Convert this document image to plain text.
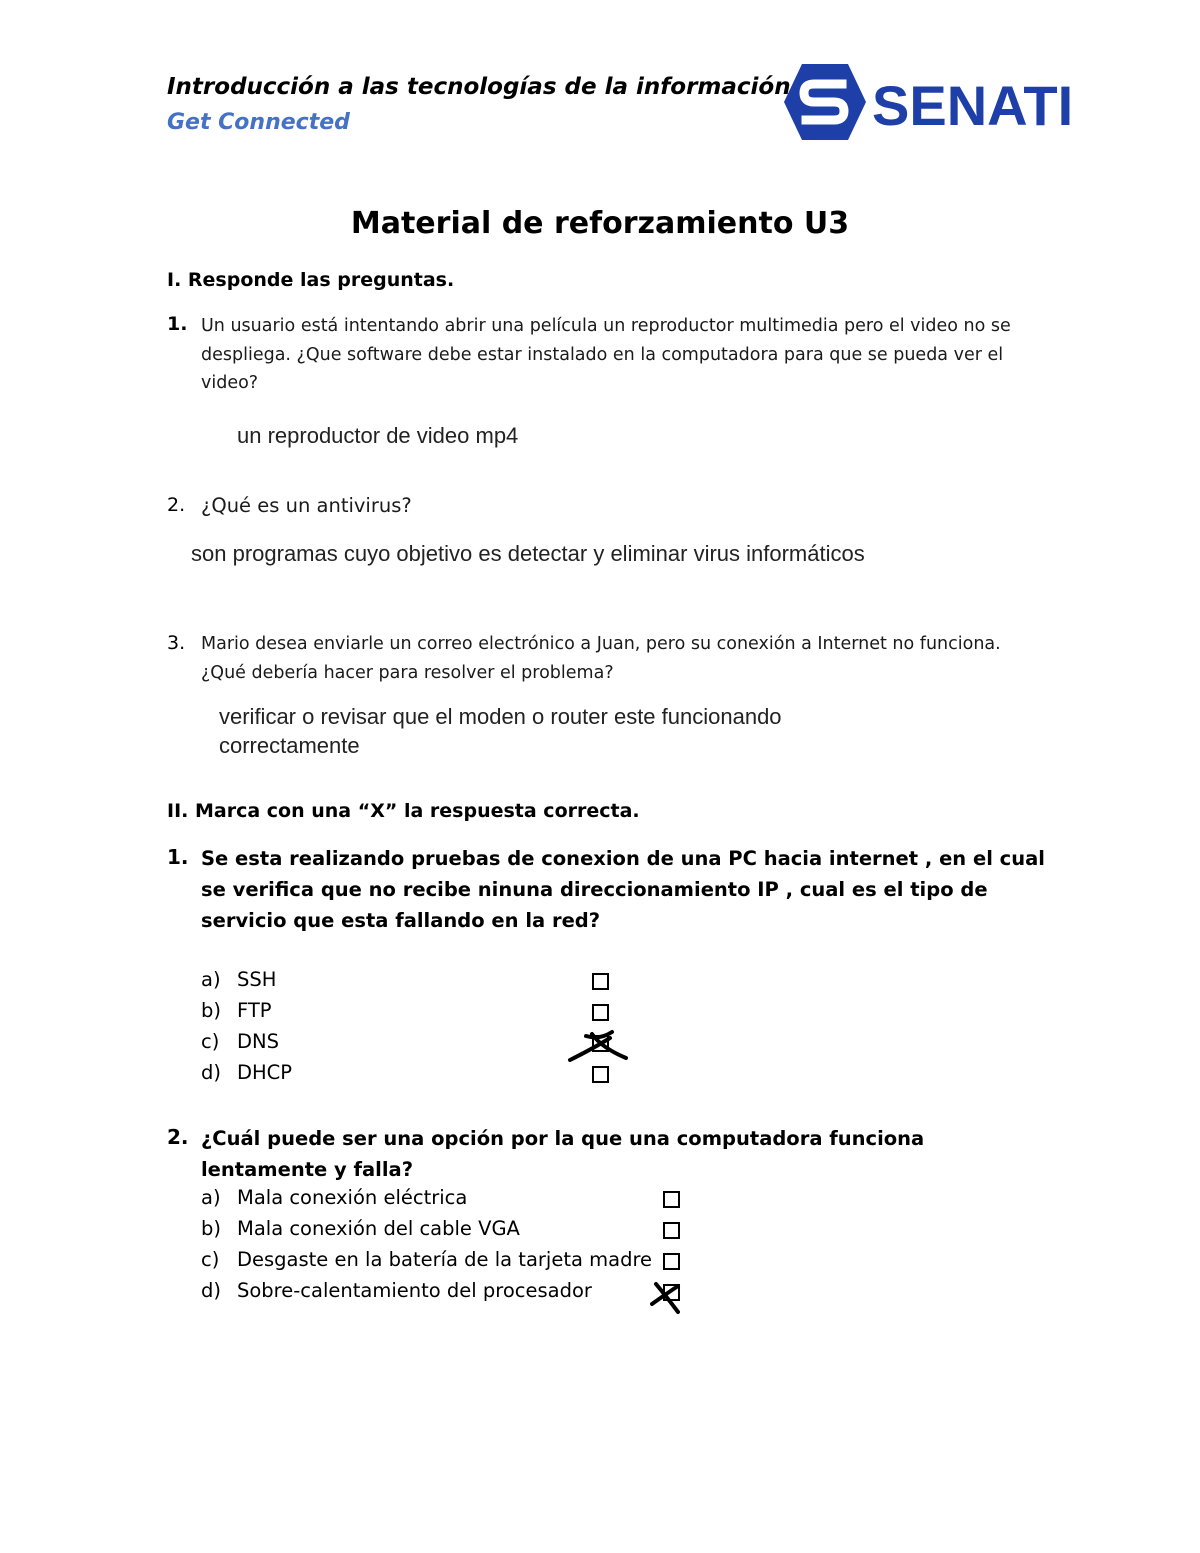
Introducción a las tecnologías de la información
Get Connected	SENATI
Material de reforzamiento U3
I. Responde las preguntas.
1. Un usuario está intentando abrir una película un reproductor multimedia pero el video no se despliega. ¿Que software debe estar instalado en la computadora para que se pueda ver el video?
un reproductor de video mp4
2. ¿Qué es un antivirus?
son programas cuyo objetivo es detectar y eliminar virus informáticos
3. Mario desea enviarle un correo electrónico a Juan, pero su conexión a Internet no funciona. ¿Qué debería hacer para resolver el problema?
verificar o revisar que el moden o router este funcionando
correctamente
II. Marca con una “X” la respuesta correcta.
1. Se esta realizando pruebas de conexion de una PC hacia internet , en el cual se verifica que no recibe ninuna direccionamiento IP , cual es el tipo de servicio que esta fallando en la red?
a) SSH
b) FTP
c) DNS
d) DHCP
2. ¿Cuál puede ser una opción por la que una computadora funciona lentamente y falla?
a) Mala conexión eléctrica
b) Mala conexión del cable VGA
c) Desgaste en la batería de la tarjeta madre
d) Sobre-calentamiento del procesador
